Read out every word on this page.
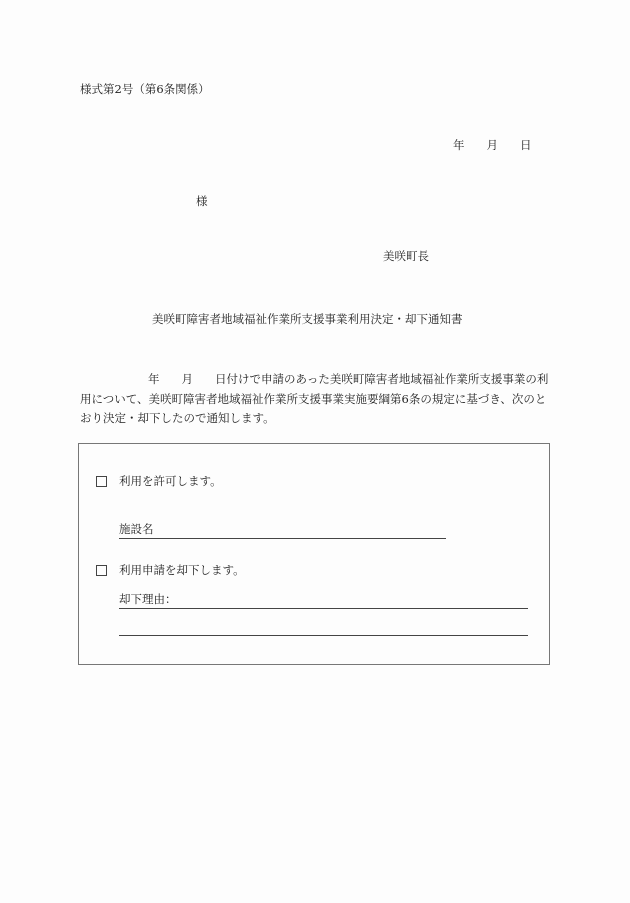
様式第2号（第6条関係）
年 月 日
様
美咲町長
美咲町障害者地域福祉作業所支援事業利用決定・却下通知書
年 月 日付けで申請のあった美咲町障害者地域福祉作業所支援事業の利用について、美咲町障害者地域福祉作業所支援事業実施要綱第6条の規定に基づき、次のとおり決定・却下したので通知します。
利用を許可します。
施設名
利用申請を却下します。
却下理由：
